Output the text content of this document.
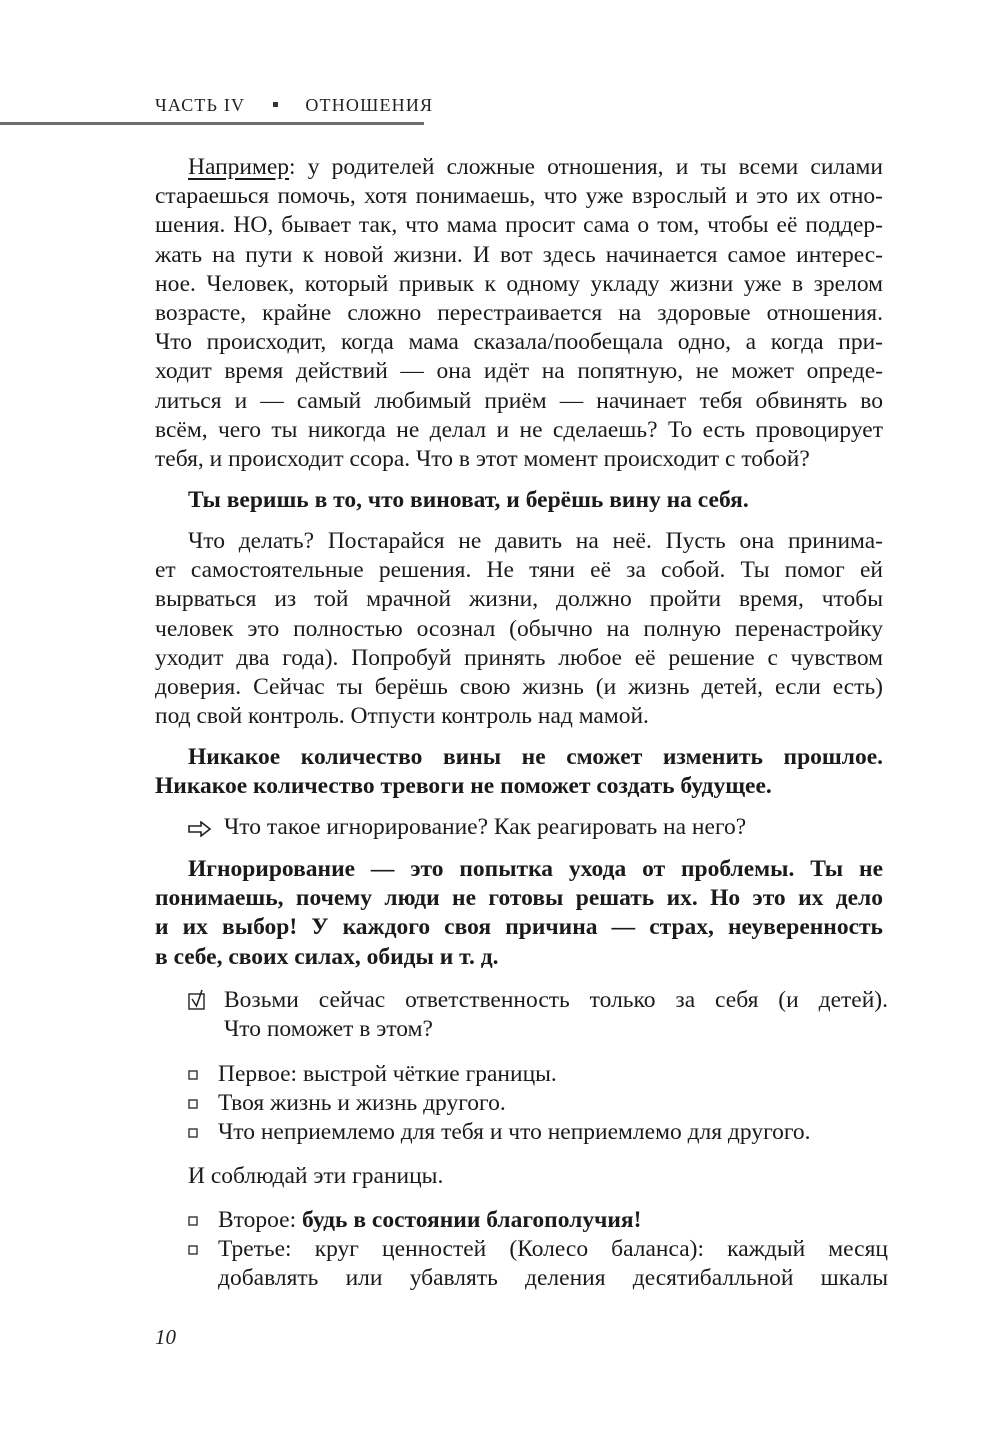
ЧАСТЬ IV	ОТНОШЕНИЯ
Например: у родителей сложные отношения, и ты всеми силами
стараешься помочь, хотя понимаешь, что уже взрослый и это их отно-
шения. НО, бывает так, что мама просит сама о том, чтобы её поддер-
жать на пути к новой жизни. И вот здесь начинается самое интерес-
ное. Человек, который привык к одному укладу жизни уже в зрелом
возрасте, крайне сложно перестраивается на здоровые отношения.
Что происходит, когда мама сказала/пообещала одно, а когда при-
ходит время действий — она идёт на попятную, не может опреде-
литься и — самый любимый приём — начинает тебя обвинять во
всём, чего ты никогда не делал и не сделаешь? То есть провоцирует
тебя, и происходит ссора. Что в этот момент происходит с тобой?
Ты веришь в то, что виноват, и берёшь вину на себя.
Что делать? Постарайся не давить на неё. Пусть она принима-
ет самостоятельные решения. Не тяни её за собой. Ты помог ей
вырваться из той мрачной жизни, должно пройти время, чтобы
человек это полностью осознал (обычно на полную перенастройку
уходит два года). Попробуй принять любое её решение с чувством
доверия. Сейчас ты берёшь свою жизнь (и жизнь детей, если есть)
под свой контроль. Отпусти контроль над мамой.
Никакое количество вины не сможет изменить прошлое.
Никакое количество тревоги не поможет создать будущее.
Что такое игнорирование? Как реагировать на него?
Игнорирование — это попытка ухода от проблемы. Ты не
понимаешь, почему люди не готовы решать их. Но это их дело
и их выбор! У каждого своя причина — страх, неуверенность
в себе, своих силах, обиды и т. д.
Возьми сейчас ответственность только за себя (и детей).
Что поможет в этом?
Первое: выстрой чёткие границы.
Твоя жизнь и жизнь другого.
Что неприемлемо для тебя и что неприемлемо для другого.
И соблюдай эти границы.
Второе: будь в состоянии благополучия!
Третье: круг ценностей (Колесо баланса): каждый месяц
добавлять или убавлять деления десятибалльной шкалы
10
